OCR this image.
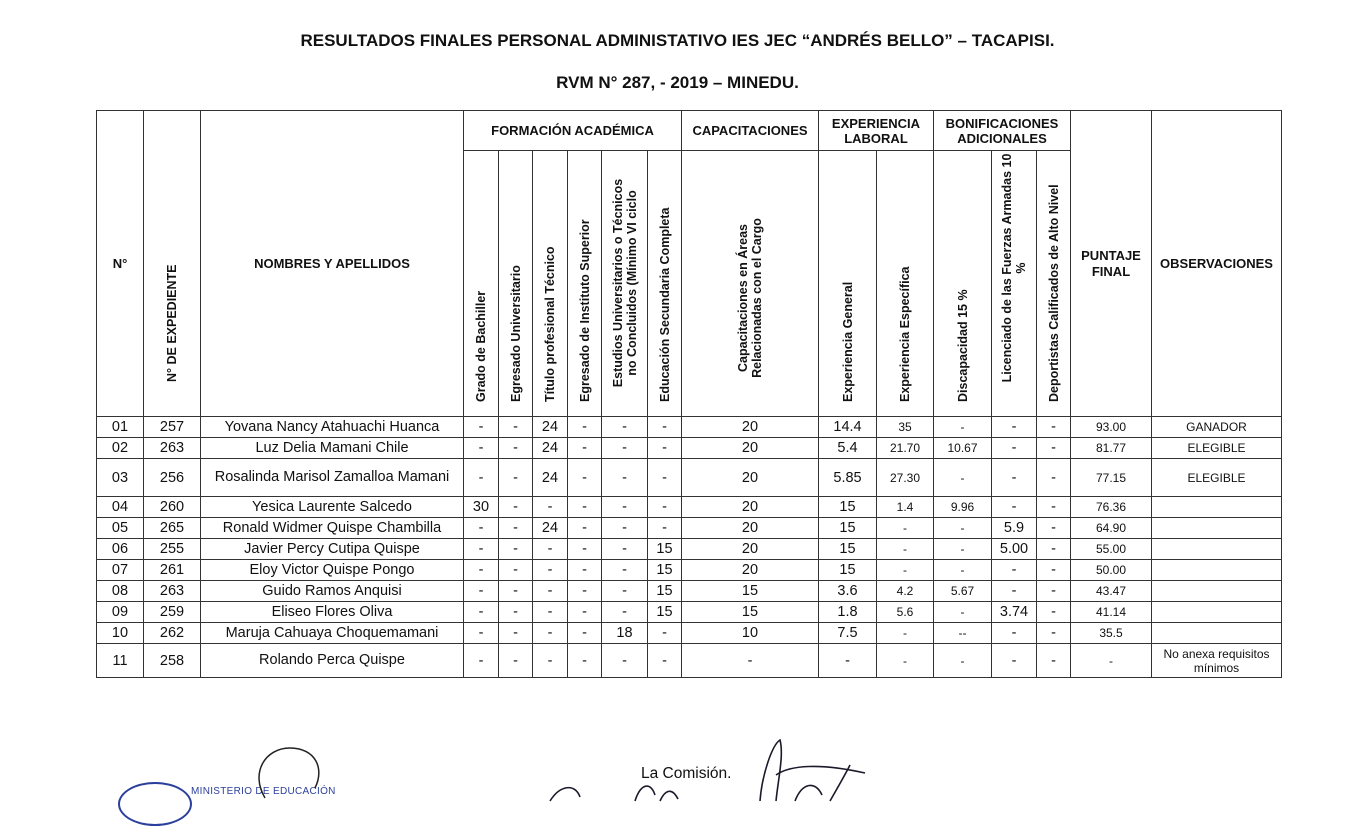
RESULTADOS FINALES PERSONAL ADMINISTATIVO IES JEC “ANDRÉS BELLO” – TACAPISI.
RVM N° 287, - 2019 – MINEDU.
N°	N° DE EXPEDIENTE	NOMBRES Y APELLIDOS	FORMACIÓN ACADÉMICA						CAPACITACIONES	EXPERIENCIA LABORAL		BONIFICACIONES ADICIONALES			PUNTAJE FINAL	OBSERVACIONES

			Grado de Bachiller	Egresado Universitario	Título profesional Técnico	Egresado de Instituto Superior	Estudios Universitarios o Técnicos no Concluidos (Mínimo VI ciclo	Educación Secundaria Completa	Capacitaciones en Áreas Relacionadas con el Cargo	Experiencia General	Experiencia Específica	Discapacidad 15 %	Licenciado de las Fuerzas Armadas 10 %	Deportistas Calificados de Alto Nivel		

01	257	Yovana Nancy Atahuachi Huanca	-	-	24	-	-	-	20	14.4	35	-	-	-	93.00	GANADOR
02	263	Luz Delia Mamani Chile	-	-	24	-	-	-	20	5.4	21.70	10.67	-	-	81.77	ELEGIBLE
03	256	Rosalinda Marisol Zamalloa Mamani	-	-	24	-	-	-	20	5.85	27.30	-	-	-	77.15	ELEGIBLE
04	260	Yesica Laurente Salcedo	30	-	-	-	-	-	20	15	1.4	9.96	-	-	76.36	
05	265	Ronald Widmer Quispe Chambilla	-	-	24	-	-	-	20	15	-	-	5.9	-	64.90	
06	255	Javier Percy Cutipa Quispe	-	-	-	-	-	15	20	15	-	-	5.00	-	55.00	
07	261	Eloy Victor Quispe Pongo	-	-	-	-	-	15	20	15	-	-	-	-	50.00	
08	263	Guido Ramos Anquisi	-	-	-	-	-	15	15	3.6	4.2	5.67	-	-	43.47	
09	259	Eliseo Flores Oliva	-	-	-	-	-	15	15	1.8	5.6	-	3.74	-	41.14	
10	262	Maruja Cahuaya Choquemamani	-	-	-	-	18	-	10	7.5	-	--	-	-	35.5	
11	258	Rolando Perca Quispe	-	-	-	-	-	-	-	-	-	-	-	-	-	No anexa requisitos mínimos
La Comisión.
MINISTERIO DE EDUCACIÓN
